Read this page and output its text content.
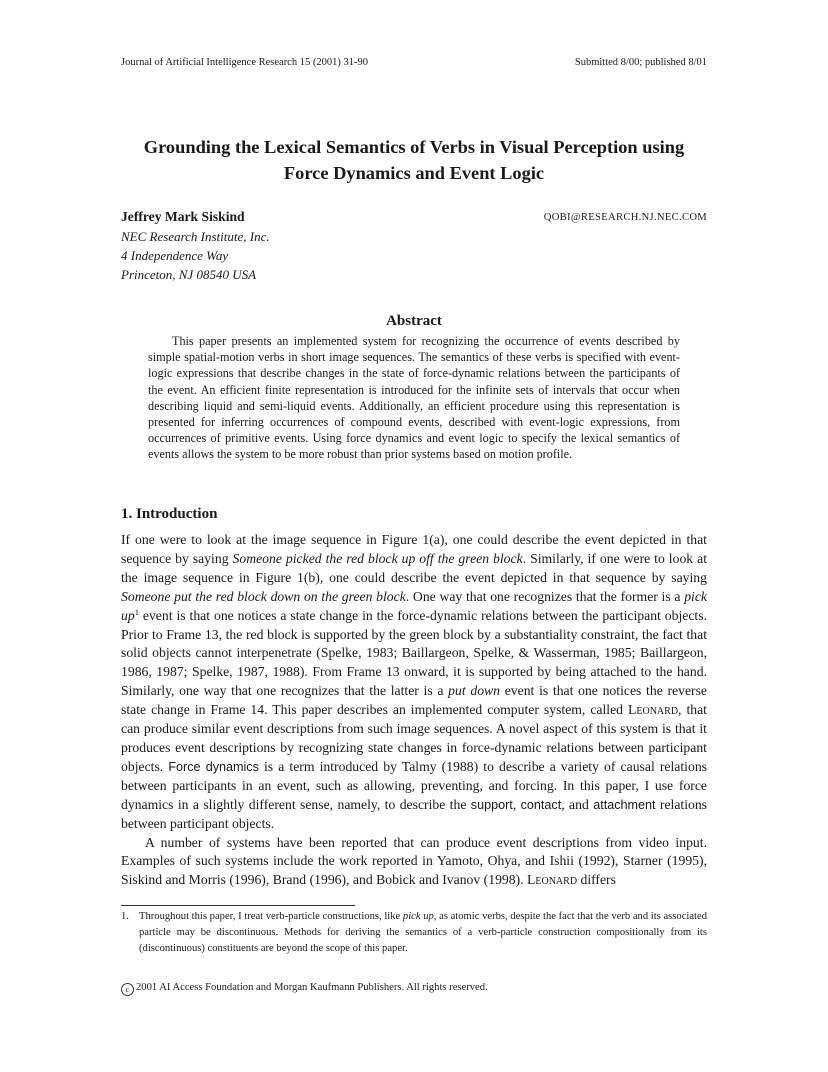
Journal of Artificial Intelligence Research 15 (2001) 31-90	Submitted 8/00; published 8/01
Grounding the Lexical Semantics of Verbs in Visual Perception using
Force Dynamics and Event Logic
Jeffrey Mark Siskind	QOBI@RESEARCH.NJ.NEC.COM
NEC Research Institute, Inc.
4 Independence Way
Princeton, NJ 08540 USA
Abstract

This paper presents an implemented system for recognizing the occurrence of events described by simple spatial-motion verbs in short image sequences. The semantics of these verbs is specified with event-logic expressions that describe changes in the state of force-dynamic relations between the participants of the event. An efficient finite representation is introduced for the infinite sets of intervals that occur when describing liquid and semi-liquid events. Additionally, an efficient procedure using this representation is presented for inferring occurrences of compound events, described with event-logic expressions, from occurrences of primitive events. Using force dynamics and event logic to specify the lexical semantics of events allows the system to be more robust than prior systems based on motion profile.

1. Introduction

If one were to look at the image sequence in Figure 1(a), one could describe the event depicted in that sequence by saying Someone picked the red block up off the green block. Similarly, if one were to look at the image sequence in Figure 1(b), one could describe the event depicted in that sequence by saying Someone put the red block down on the green block. One way that one recognizes that the former is a pick $up^1$ event is that one notices a state change in the force-dynamic relations between the participant objects. Prior to Frame 13, the red block is supported by the green block by a substantiality constraint, the fact that solid objects cannot interpenetrate (Spelke, 1983; Baillargeon, Spelke, & Wasserman, 1985; Baillargeon, 1986, 1987; Spelke, 1987, 1988). From Frame 13 onward, it is supported by being attached to the hand. Similarly, one way that one recognizes that the latter is a put down event is that one notices the reverse state change in Frame 14. This paper describes an implemented computer system, called Leonard, that can produce similar event descriptions from such image sequences. A novel aspect of this system is that it produces event descriptions by recognizing state changes in force-dynamic relations between participant objects. Force dynamics is a term introduced by Talmy (1988) to describe a variety of causal relations between participants in an event, such as allowing, preventing, and forcing. In this paper, I use force dynamics in a slightly different sense, namely, to describe the support, contact, and attachment relations between participant objects.

A number of systems have been reported that can produce event descriptions from video input. Examples of such systems include the work reported in Yamoto, Ohya, and Ishii (1992), Starner (1995), Siskind and Morris (1996), Brand (1996), and Bobick and Ivanov (1998). Leonard differs

1. Throughout this paper, I treat verb-particle constructions, like pick up, as atomic verbs, despite the fact that the verb and its associated particle may be discontinuous. Methods for deriving the semantics of a verb-particle construction compositionally from its (discontinuous) constituents are beyond the scope of this paper.

c 2001 AI Access Foundation and Morgan Kaufmann Publishers. All rights reserved.
